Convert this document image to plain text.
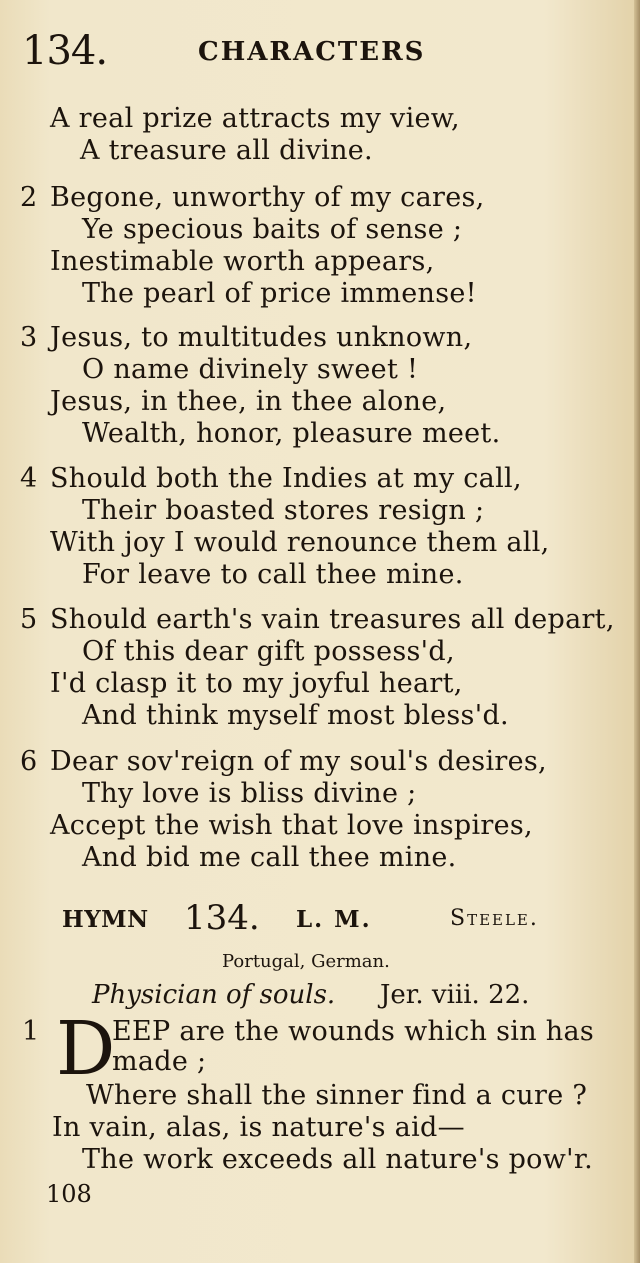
134.	CHARACTERS
A real prize attracts my view,
A treasure all divine.
2 Begone, unworthy of my cares,
Ye specious baits of sense ;
Inestimable worth appears,
The pearl of price immense!
3 Jesus, to multitudes unknown,
O name divinely sweet !
Jesus, in thee, in thee alone,
Wealth, honor, pleasure meet.
4 Should both the Indies at my call,
Their boasted stores resign ;
With joy I would renounce them all,
For leave to call thee mine.
5 Should earth's vain treasures all depart,
Of this dear gift possess'd,
I'd clasp it to my joyful heart,
And think myself most bless'd.
6 Dear sov'reign of my soul's desires,
Thy love is bliss divine ;
Accept the wish that love inspires,
And bid me call thee mine.
HYMN 134. L. M.	Steele.
Portugal, German.
Physician of souls. Jer. viii. 22.
1 D
EEP are the wounds which sin has
made ;
Where shall the sinner find a cure ?
In vain, alas, is nature's aid—
The work exceeds all nature's pow'r.
108
